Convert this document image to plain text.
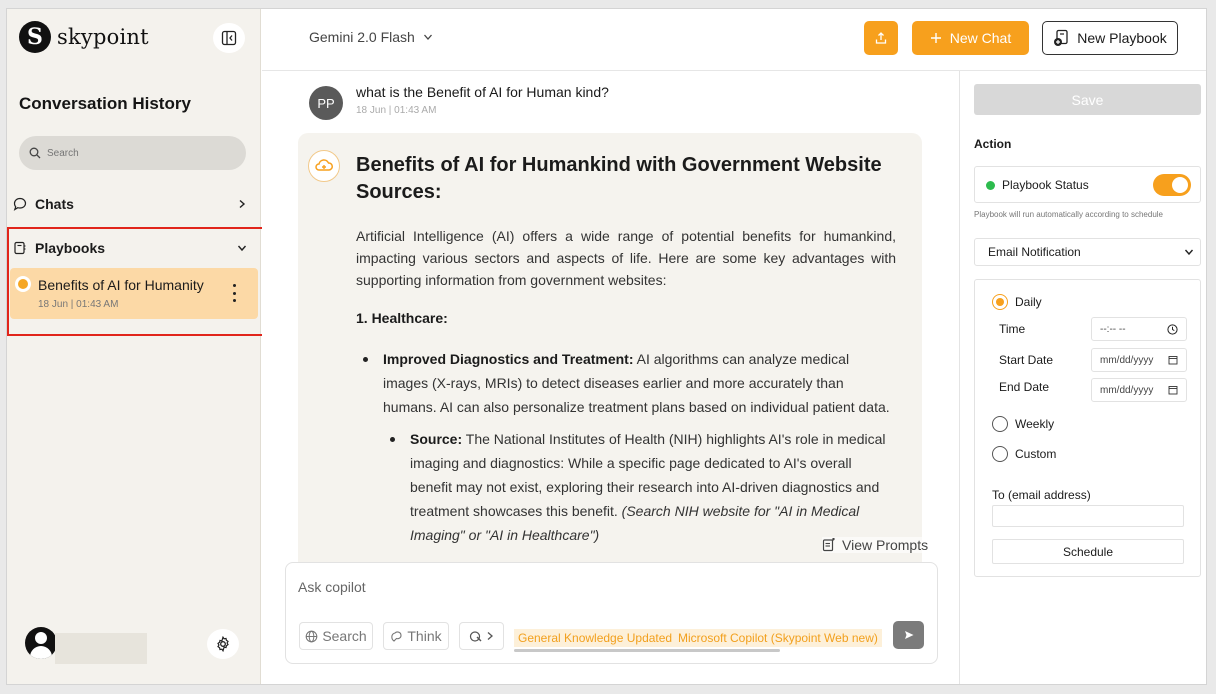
S skypoint
Conversation History
Search
Chats
Playbooks
Benefits of AI for Humanity
18 Jun | 01:43 AM
Gemini 2.0 Flash	New Chat	New Playbook
PP
what is the Benefit of AI for Human kind?
18 Jun | 01:43 AM
Benefits of AI for Humankind with Government Website Sources:
Artificial Intelligence (AI) offers a wide range of potential benefits for humankind, impacting various sectors and aspects of life. Here are some key advantages with supporting information from government websites:
1. Healthcare:
Improved Diagnostics and Treatment: AI algorithms can analyze medical images (X-rays, MRIs) to detect diseases earlier and more accurately than humans. AI can also personalize treatment plans based on individual patient data.
Source: The National Institutes of Health (NIH) highlights AI's role in medical imaging and diagnostics: While a specific page dedicated to AI's overall benefit may not exist, exploring their research into AI-driven diagnostics and treatment showcases this benefit. (Search NIH website for "AI in Medical Imaging" or "AI in Healthcare")
View Prompts
Ask copilot
Search	Think	General Knowledge Updated Microsoft Copilot (Skypoint Web new)
Save
Action
Playbook Status
Playbook will run automatically according to schedule
Email Notification
Daily
Time	--:-- --
Start Date	mm/dd/yyyy
End Date	mm/dd/yyyy
Weekly
Custom
To (email address)
Schedule
